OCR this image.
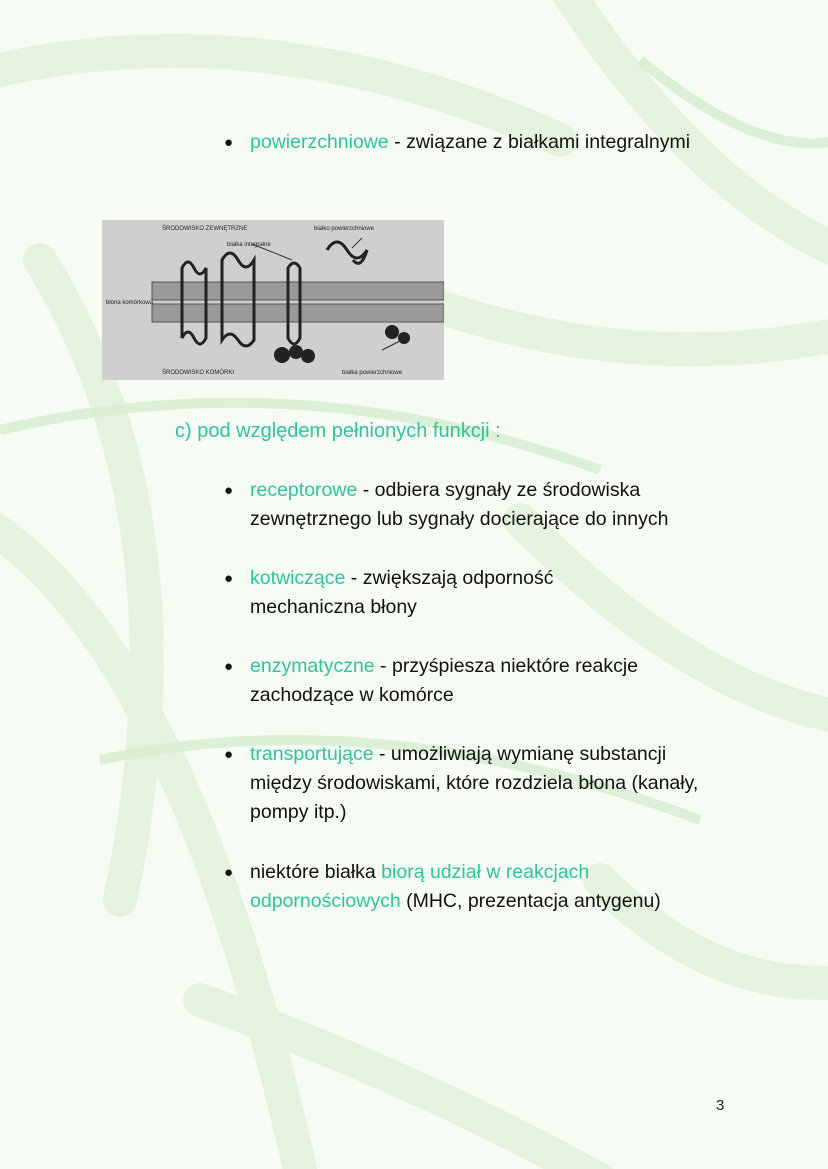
● powierzchniowe - związane z białkami integralnymi
ŚRODOWISKO ZEWNĘTRZNE
białka integralne
białko powierzchniowe
błona komórkowa
ŚRODOWISKO KOMÓRKI	białka powierzchniowe
c) pod względem pełnionych funkcji :
● receptorowe - odbiera sygnały ze środowiska zewnętrznego lub sygnały docierające do innych
● kotwiczące - zwiększają odporność mechaniczna błony
● enzymatyczne - przyśpiesza niektóre reakcje zachodzące w komórce
● transportujące - umożliwiają wymianę substancji między środowiskami, które rozdziela błona (kanały, pompy itp.)
● niektóre białka biorą udział w reakcjach odpornościowych (MHC, prezentacja antygenu)
3
